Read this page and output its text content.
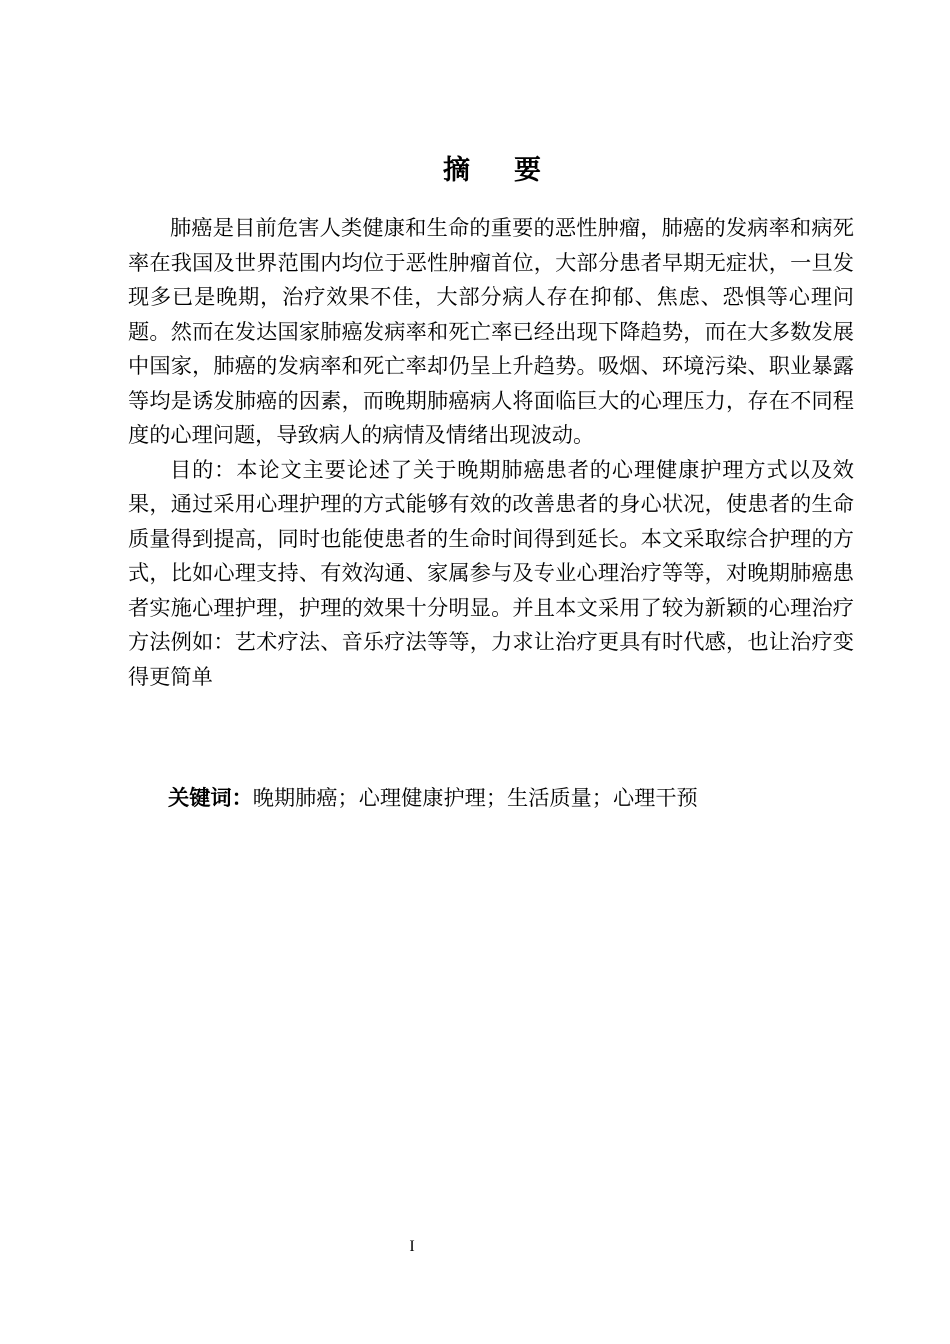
摘 要

肺癌是目前危害人类健康和生命的重要的恶性肿瘤，肺癌的发病率和病死率在我国及世界范围内均位于恶性肿瘤首位，大部分患者早期无症状，一旦发现多已是晚期，治疗效果不佳，大部分病人存在抑郁、焦虑、恐惧等心理问题。然而在发达国家肺癌发病率和死亡率已经出现下降趋势，而在大多数发展中国家，肺癌的发病率和死亡率却仍呈上升趋势。吸烟、环境污染、职业暴露等均是诱发肺癌的因素，而晚期肺癌病人将面临巨大的心理压力，存在不同程度的心理问题，导致病人的病情及情绪出现波动。

目的：本论文主要论述了关于晚期肺癌患者的心理健康护理方式以及效果，通过采用心理护理的方式能够有效的改善患者的身心状况，使患者的生命质量得到提高，同时也能使患者的生命时间得到延长。本文采取综合护理的方式，比如心理支持、有效沟通、家属参与及专业心理治疗等等，对晚期肺癌患者实施心理护理，护理的效果十分明显。并且本文采用了较为新颖的心理治疗方法例如：艺术疗法、音乐疗法等等，力求让治疗更具有时代感，也让治疗变得更简单

关键词：晚期肺癌；心理健康护理；生活质量；心理干预
I
